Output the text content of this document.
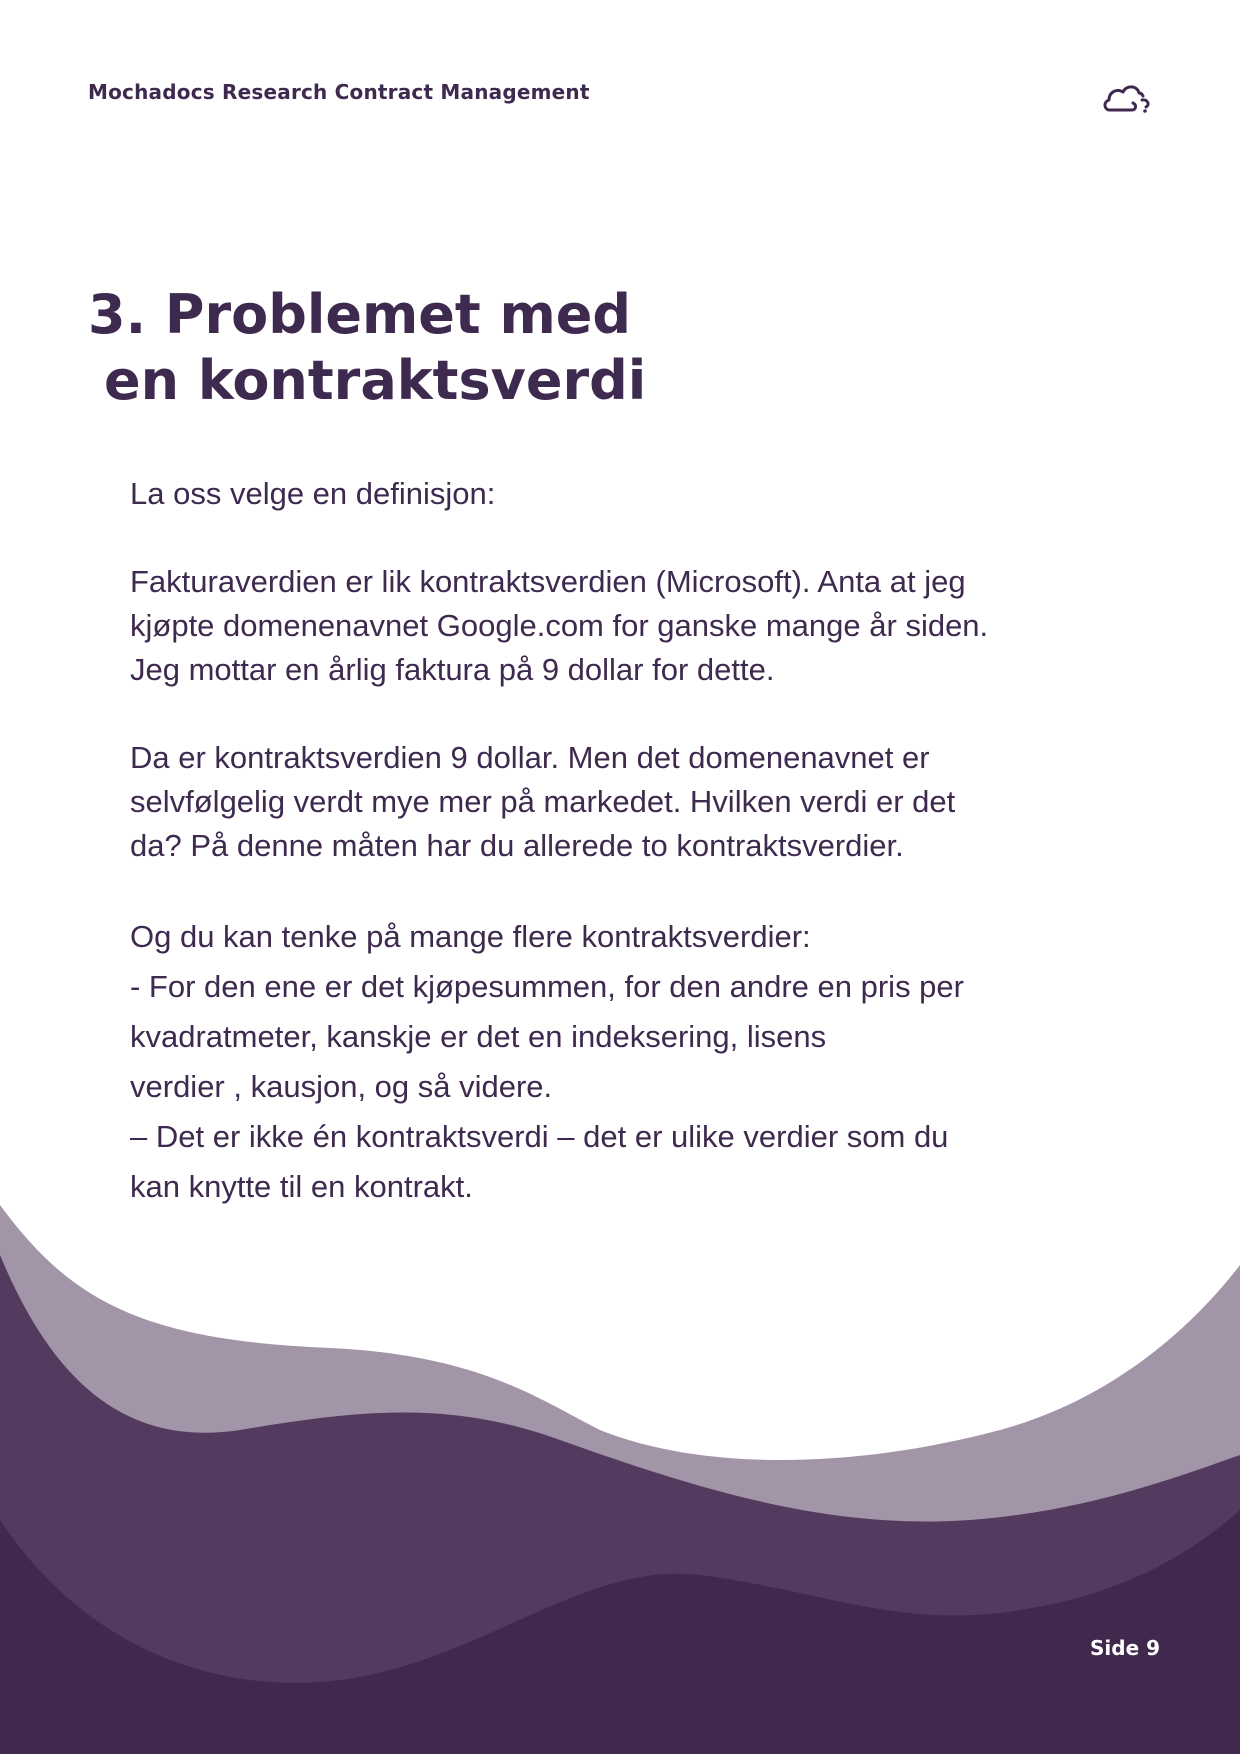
Mochadocs Research Contract Management
3. Problemet med
en kontraktsverdi

La oss velge en definisjon:

Fakturaverdien er lik kontraktsverdien (Microsoft). Anta at jeg

kjøpte domenenavnet Google.com for ganske mange år siden.

Jeg mottar en årlig faktura på 9 dollar for dette.

Da er kontraktsverdien 9 dollar. Men det domenenavnet er

selvfølgelig verdt mye mer på markedet. Hvilken verdi er det

da? På denne måten har du allerede to kontraktsverdier.

Og du kan tenke på mange flere kontraktsverdier:

- For den ene er det kjøpesummen, for den andre en pris per

kvadratmeter, kanskje er det en indeksering, lisens

verdier , kausjon, og så videre.

– Det er ikke én kontraktsverdi – det er ulike verdier som du

kan knytte til en kontrakt.

Side 9
